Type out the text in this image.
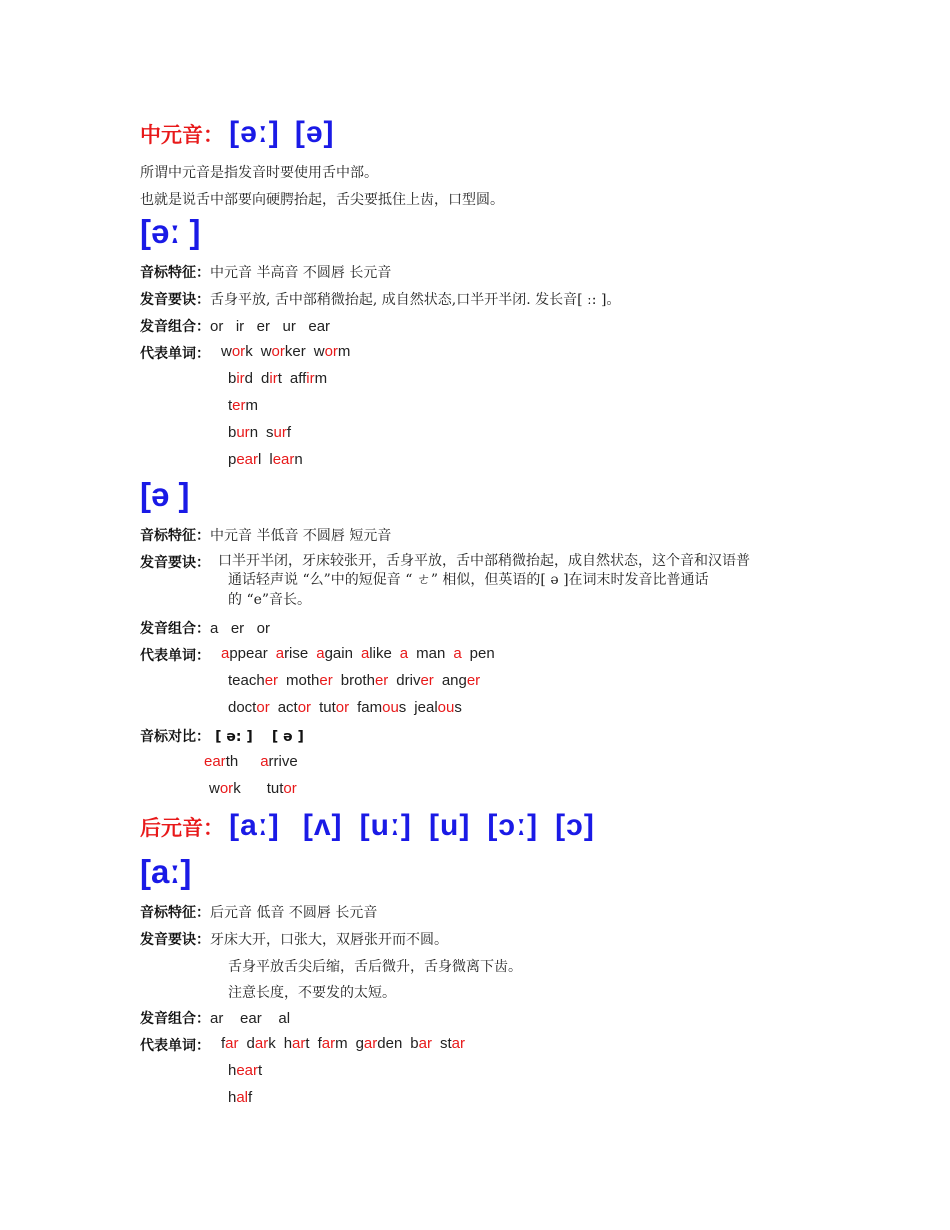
中元音： [əː] [ə]
所谓中元音是指发音时要使用舌中部。
也就是说舌中部要向硬腭抬起，舌尖要抵住上齿，口型圆。
[əː ]
音标特征：中元音 半高音 不圆唇 长元音
发音要诀：舌身平放, 舌中部稍微抬起, 成自然状态,口半开半闭. 发长音[ ː: ]。
发音组合：or   ir   er   ur   ear
代表单词： work worker worm
bird dirt affirm
term
burn surf
pearl learn
[ə ]
音标特征：中元音 半低音 不圆唇 短元音
发音要诀： 口半开半闭，牙床较张开，舌身平放，舌中部稍微抬起，成自然状态，这个音和汉语普
通话轻声说 “么”中的短促音 “ ㄜ” 相似，但英语的[ ə ]在词末时发音比普通话
的 “e”音长。
发音组合：a   er   or
代表单词： appear arise again alike a man a pen
teacher mother brother driver anger
doctor actor tutor famous jealous
音标对比： [ ə: ] [ ə ]
earth arrive
work tutor
后元音： [aː] [ʌ] [uː] [u] [ɔː] [ɔ]
[aː]
音标特征：后元音 低音 不圆唇 长元音
发音要诀：牙床大开，口张大，双唇张开而不圆。
舌身平放舌尖后缩，舌后微升，舌身微离下齿。
注意长度，不要发的太短。
发音组合：ar    ear    al
代表单词： far dark hart farm garden bar star
heart
half
